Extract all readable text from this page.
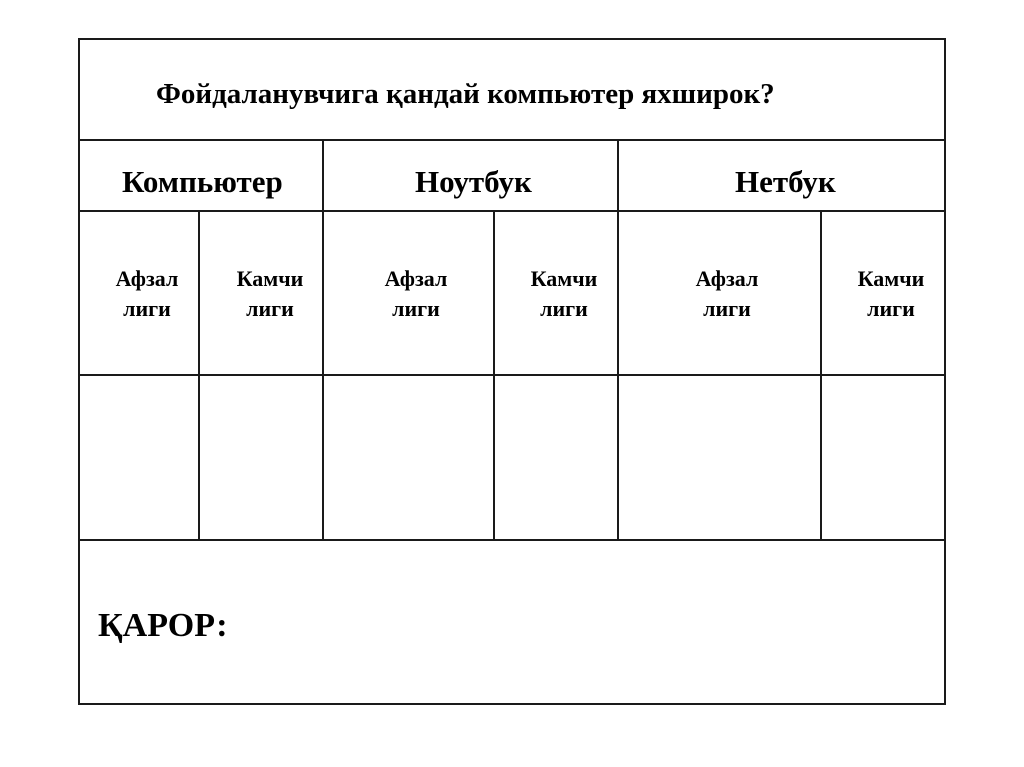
Фойдаланувчига қандай компьютер яхширок?
Компьютер	Ноутбук	Нетбук
Афзал
лиги
Камчи
лиги
Афзал
лиги
Камчи
лиги
Афзал
лиги
Камчи
лиги
ҚАРОР:
